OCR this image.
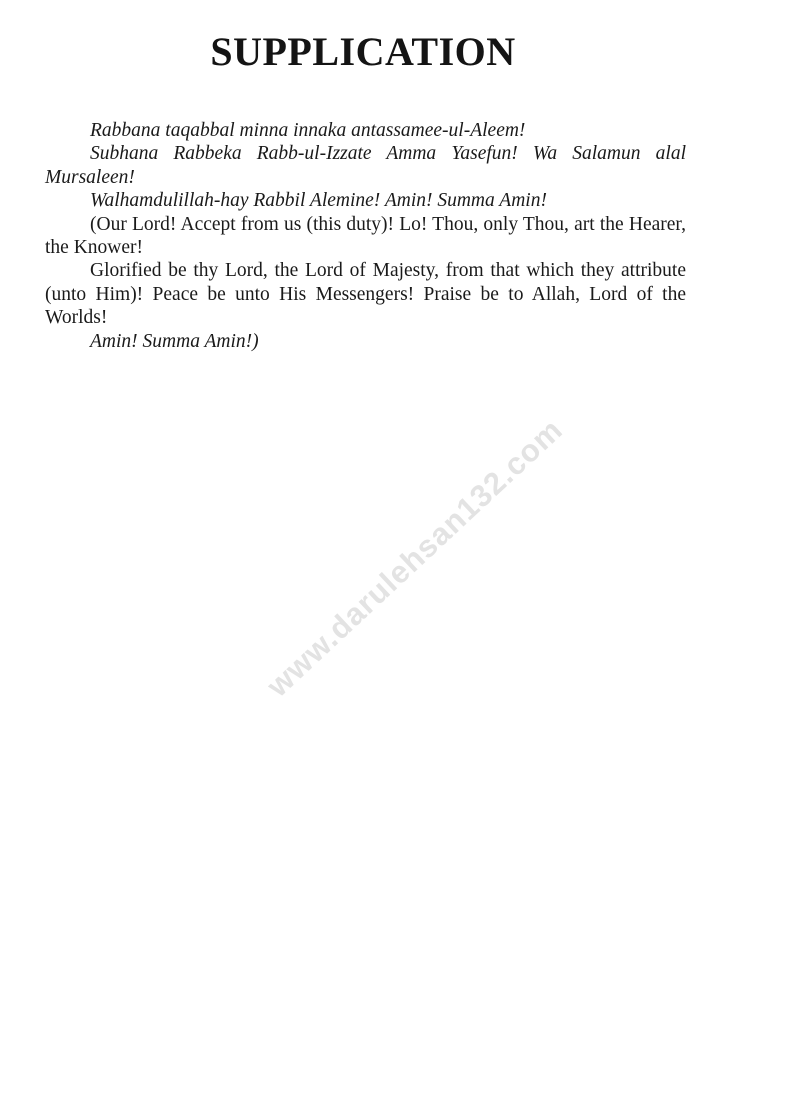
SUPPLICATION

Rabbana taqabbal minna innaka antassamee-ul-Aleem!

Subhana Rabbeka Rabb-ul-Izzate Amma Yasefun! Wa Salamun alal Mursaleen!

Walhamdulillah-hay Rabbil Alemine! Amin! Summa Amin!

(Our Lord! Accept from us (this duty)! Lo! Thou, only Thou, art the Hearer, the Knower!

Glorified be thy Lord, the Lord of Majesty, from that which they attribute (unto Him)! Peace be unto His Messengers! Praise be to Allah, Lord of the Worlds!

Amin! Summa Amin!)

www.darulehsan132.com
